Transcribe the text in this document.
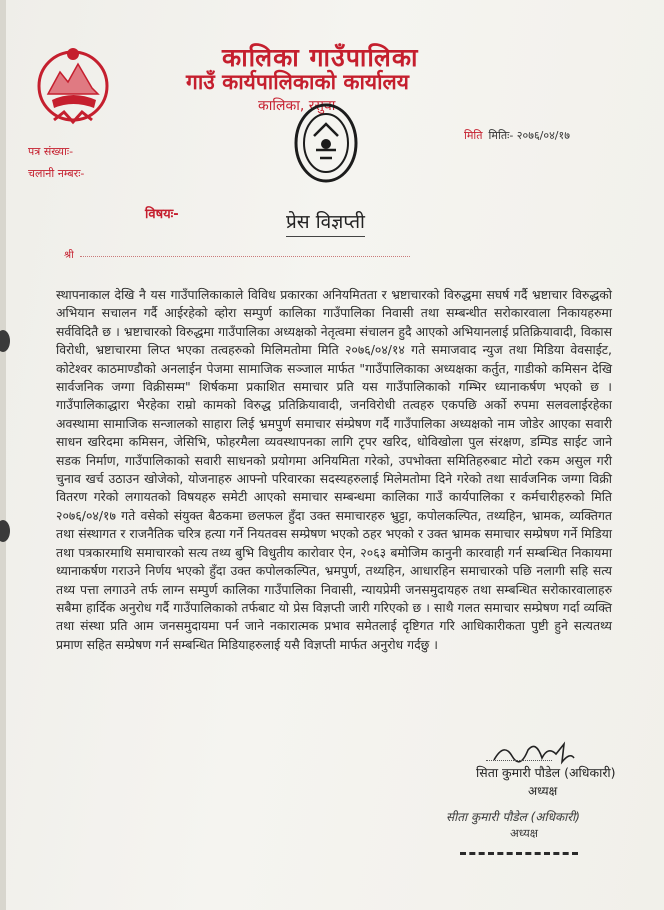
कालिका गाउँपालिका
गाउँ कार्यपालिकाको कार्यालय
कालिका, रसुवा
पत्र संख्याः-
चलानी नम्बरः-
मिति मितिः- २०७६/०४/१७
विषयः-	प्रेस विज्ञप्ती
श्री
स्थापनाकाल देखि नै यस गाउँपालिकाकाले विविध प्रकारका अनियमितता र भ्रष्टाचारको विरुद्धमा सघर्ष गर्दै भ्रष्टाचार विरुद्धको अभियान सचालन गर्दै आईरहेको व्होरा सम्पुर्ण कालिका गाउँपालिका निवासी तथा सम्बन्धीत सरोकारवाला निकायहरुमा सर्वविदितै छ । भ्रष्टाचारको विरुद्धमा गाउँपालिका अध्यक्षको नेतृत्वमा संचालन हुदै आएको अभियानलाई प्रतिक्रियावादी, विकास विरोधी, भ्रष्टाचारमा लिप्त भएका तत्वहरुको मिलिमतोमा मिति २०७६/०४/१४ गते समाजवाद न्युज तथा मिडिया वेवसाईट, कोटेश्वर काठमाण्डौको अनलाईन पेजमा सामाजिक सञ्जाल मार्फत "गाउँपालिकाका अध्यक्षका कर्तुत, गाडीको कमिसन देखि सार्वजनिक जग्गा विक्रीसम्म" शिर्षकमा प्रकाशित समाचार प्रति यस गाउँपालिकाको गम्भिर ध्यानाकर्षण भएको छ । गाउँपालिकाद्धारा भैरहेका राम्रो कामको विरुद्ध प्रतिक्रियावादी, जनविरोधी तत्वहरु एकपछि अर्को रुपमा सलवलाईरहेका अवस्थामा सामाजिक सन्जालको साहारा लिई भ्रमपुर्ण समाचार संम्प्रेषण गर्दै गाउँपालिका अध्यक्षको नाम जोडेर आएका सवारी साधन खरिदमा कमिसन, जेसिभि, फोहरमैला व्यवस्थापनका लागि टृपर खरिद, धोविखोला पुल संरक्षण, डम्पिड साईट जाने सडक निर्माण, गाउँपालिकाको सवारी साधनको प्रयोगमा अनियमिता गरेको, उपभोक्ता समितिहरुबाट मोटो रकम असुल गरी चुनाव खर्च उठाउन खोजेको, योजनाहरु आफ्नो परिवारका सदस्यहरुलाई मिलेमतोमा दिने गरेको तथा सार्वजनिक जग्गा विक्री वितरण गरेको लगायतको विषयहरु समेटी आएको समाचार सम्बन्धमा कालिका गाउँ कार्यपालिका र कर्मचारीहरुको मिति २०७६/०४/१७ गते वसेको संयुक्त बैठकमा छलफल हुँदा उक्त समाचारहरु भ्रुट्टा, कपोलकल्पित, तथ्यहिन, भ्रामक, व्यक्तिगत तथा संस्थागत र राजनैतिक चरित्र हत्या गर्ने नियतवस सम्प्रेषण भएको ठहर भएको र उक्त भ्रामक समाचार सम्प्रेषण गर्ने मिडिया तथा पत्रकारमाथि समाचारको सत्य तथ्य बुभि विधुतीय कारोवार ऐन, २०६३ बमोजिम कानुनी कारवाही गर्न सम्बन्धित निकायमा ध्यानाकर्षण गराउने निर्णय भएको हुँदा उक्त कपोलकल्पित, भ्रमपुर्ण, तथ्यहिन, आधारहिन समाचारको पछि नलागी सहि सत्य तथ्य पत्ता लगाउने तर्फ लाग्न सम्पुर्ण कालिका गाउँपालिका निवासी, न्यायप्रेमी जनसमुदायहरु तथा सम्बन्धित सरोकारवालाहरु सबैमा हार्दिक अनुरोध गर्दै गाउँपालिकाको तर्फबाट यो प्रेस विज्ञप्ती जारी गरिएको छ । साथै गलत समाचार सम्प्रेषण गर्दा व्यक्ति तथा संस्था प्रति आम जनसमुदायमा पर्न जाने नकारात्मक प्रभाव समेतलाई दृष्टिगत गरि आधिकारीकता पुष्टी हुने सत्यतथ्य प्रमाण सहित सम्प्रेषण गर्न सम्बन्धित मिडियाहरुलाई यसै विज्ञप्ती मार्फत अनुरोध गर्दछु ।
सिता कुमारी पौडेल (अधिकारी)
अध्यक्ष
सीता कुमारी पौडेल (अधिकारी)
अध्यक्ष
